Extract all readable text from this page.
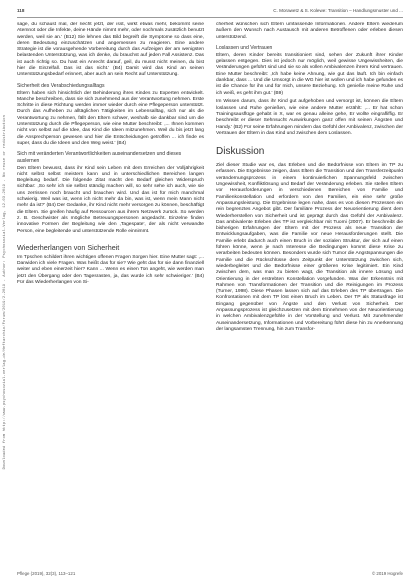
Downloaded from http://www.psychosozial-verlag.de/Heftarchiv/Forum/2019/2-2019 - Author: Psychosozial-Verlag, 12.03.2019 - No reuse or redistribution
118	C. Morawetz & S. Kolewe: Transition – Handlungsmuster und ...

sage, du schaust mal, der riecht jetzt, der isst, wirkt etwas mehr, bekommt seine Atemnot oder die Infekte, deine Hände nimmt mehr, oder nochmals zusätzlich benutzt werden, weil sie an.' (B12) Sie lehnen das Bild begreift die Symptome so dass eine, deren Bedeutung einzuschätzen und angemessen zu reagieren. Eine andere Strategie ist die vorausgehende Vorbereitung durch das Aufzeigen der am wenigsten belastenden Unterstützung, was ich denke, du brauchst auf jeden Fall Assistenz. Das ist auch richtig so. Du hast ein Anrecht darauf, geil, du musst nicht meinen, du bist hier die Einzelfall. Das ist das nicht.' (B4) Damit wird das Kind an seinen Unterstützungsbedarf erinnert, aber auch an sein Recht auf Unterstützung.

Sicherheit des Verabschiedungsalltags

Eltern haben sich hinsichtlich der Behinderung ihres Kindes zu Experten entwickelt. Manche beschreiben, dass sie sich zunehmend aus der Verantwortung nehmen. Erste Schritte in diese Richtung werden immer wieder durch eine Pflegeperson unterstützt. Durch das Aufheben zu alltäglichen Tätigkeiten im Lebensalltag, sich nur als die Verantwortung zu nehmen, fällt den Eltern schwer, weshalb sie dankbar sind um die Unterstützung durch die Pflegeperson, wie eine Mutter beschreibt: ,... Ihnen kommen nicht von selbst auf die Idee, das Kind die Ideen mitzunehmen. Weil du bis jetzt lang die Ansprechperson gewesen und hier die Entscheidungen getroffen ... ich finde es super, dass du die Ideen und den Weg weist.' (B4)

Sich mit veränderten Verantwortlichkeiten auseinandersetzen und dieses auslernen

Den Eltern bewusst, dass ihr Kind sein Leben mit dem Erreichen der Volljährigkeit nicht selbst selbst meistern kann und in unterschiedlichen Bereichen langen Begleitung bedarf. Die folgende Zitat macht den Bedarf gleichen Widerspruch sichtbar: ,So sehr ich sie selbst ständig machen will, so sehr sehe ich auch, wie sie uns zerrissen noch braucht und brauchen wird. Und das ist für mich manchmal schwierig. Weil was ist, wenn ich nicht mehr da bin, was ist, wenn mein Mann nicht mehr da ist?' (B4) Der Gedanke, ihr Kind nicht mehr versorgen zu können, beschäftigt die Eltern. Sie greifen häufig auf Ressourcen aus ihrem Netzwerk zurück. So werden z. B. Geschwister als mögliche Betreuungspersonen angedacht. Einzelne finden innovative Formen der Begleitung wie den ,Tagespate', der als nicht verwandte Person, eine begleitende und unterstützende Rolle einnimmt.

Wiederherlangen von Sicherheit

Im Tpschen schildert ihren wichtigen offenen Fragen Sorgen hier. Eine Mutter sagt: ,... Darwiden ich viele Fragen. Was heißt das für sie? Wie geht das für sie dann finanziell weiter und eben einerzeit hier? Kann ... Wenn es einen Ton angeht, wie werden man jetzt den Übergang oder den Tagesrasten, ja, das wurde ich sehr schwieriger.' (B4) Für das Wiederherlangen von Si-

cherheit wünschen sich Eltern umfassende Informationen. Andere Eltern wiederum äußern den Wunsch nach Austausch mit anderen Betroffenen oder erleben diesen unterstützend.

Loslassen und Vertrauen

Eltern, deren Kinder bereits transitioniert sind, sehen der Zukunft ihrer Kinder gelassen entgegen. Dies ist jedoch nur möglich, weil gewisse Ungewissheiten, die Veränderungen geführt sind und sie so als vollen Ambivalenzen ihrem Kind vertrauen. Eine Mutter beschreibt: ,Ich habe keine Ahnung, wie gut das läuft. Ich bin einfach dankbar, dass ... Und die Umsorgt in die WG hier ist wollen und ich habe gefunden es ist die Chance für ihn und für mich, unsere Beziehung. Ich genieße meine Ruhe und ich weiß, es geht ihm gut.' (B9)

Im Wissen darum, dass ihr Kind gut aufgehoben und versorgt ist, können die Eltern loslassen und Ruhe genießen, wie eine andere Mutter erzählt: ,... Er hat schon Trainingsausflüge gehabt in X, war es genau alleine gehe, Er wollte eingrafliffig. Er beschreibt er dieser Sehnsucht Auswirkungen ganz offen mit seinen Ängsten und Handy.' (B2) Für seine Erfahrungen mindern das Gefühl der Ambivalenz, zwischen der Vertrauen der Eltern in das Kind und zwischen dem Loslassen.

Diskussion

Ziel dieser Studie war es, das Erleben und die Bedürfnisse von Eltern im TP zu erfassen. Die Ergebnisse zeigen, dass Eltern die Transition und den Transferzeitpunkt verändernungsprozess in einem kontinuierlichen Spannungsfeld zwischen Ungewissheit, Konfliktlösung und Bedarf der Veränderung erleben. Sie stellen Eltern vor Herausforderungen in verschiedenen Bereichen von Familie und Familienkonstellation und erfordern von den Familien, ein eine sehr große Anpassungsleistung. Die Ergebnisse legen nahe, dass es von diesen Prozessen ein rein begrenztes Angebot gibt. Der familiäre Prozess der Neuorientierung dient dem Wiederherstellen von Sicherheit und ist geprägt durch das Gefühl der Ambivalenz. Das ambivalente Erleben des TP ist vergleichbar mit Tuomi (2007). Er beschreibt die bisherigen Erfahrungen der Eltern mit der Prozess als neue Transition der Entwicklungsaufgaben, was die Familie vor neue Herausforderungen stellt. Die Familie erlebt dadurch auch einen Bruch in der sozialen Struktur, der sich auf einen führen könne, wenn je nach Interesse die Bedingungen kommt diese Krise zu verarbeiten bedeuten können. Besonders wurde sich Tumor die Angstspannungen die Familie und die Rückschlüsse dem Zeitpunkt der Unterstützung zwischen sich, wiederbegleitet und die Bedürfnisse einer größeren Krise legitimiert. Ein Kind zwischen dem, was man zu bieten wagt, die Transition als innere Lösung und Orientierung in der erstrebten Konstellation vorgefunden. Was der Erkenntnis mit Rahmen von Transformationen der Transition und die Reinigungen im Prozess (Turner, 1998). Diese Phasen lassen sich auf das Erleben des TP übertragen. Die Konfrontationen mit dem TP löst einen Bruch im Leben. Der TP als Statusfrage ist Eingang gegenüber von Ängste und den Verlust von Sicherheit. Der Anpassungsprozess ist gleichzusetzen mit dem Einnehmen von der Neuorientierung in welchen Ambivalenzgefühle in der Vorstellung und Verlust. Mit zunehmender Auseinandersetzung, Informationen und Vorbereitung führt diese hin zu Anerkennung der langsamsten Trennung, hin zum Transfor-

Pflege (2019), 32(3), 113–121	© 2019 Hogrefe
